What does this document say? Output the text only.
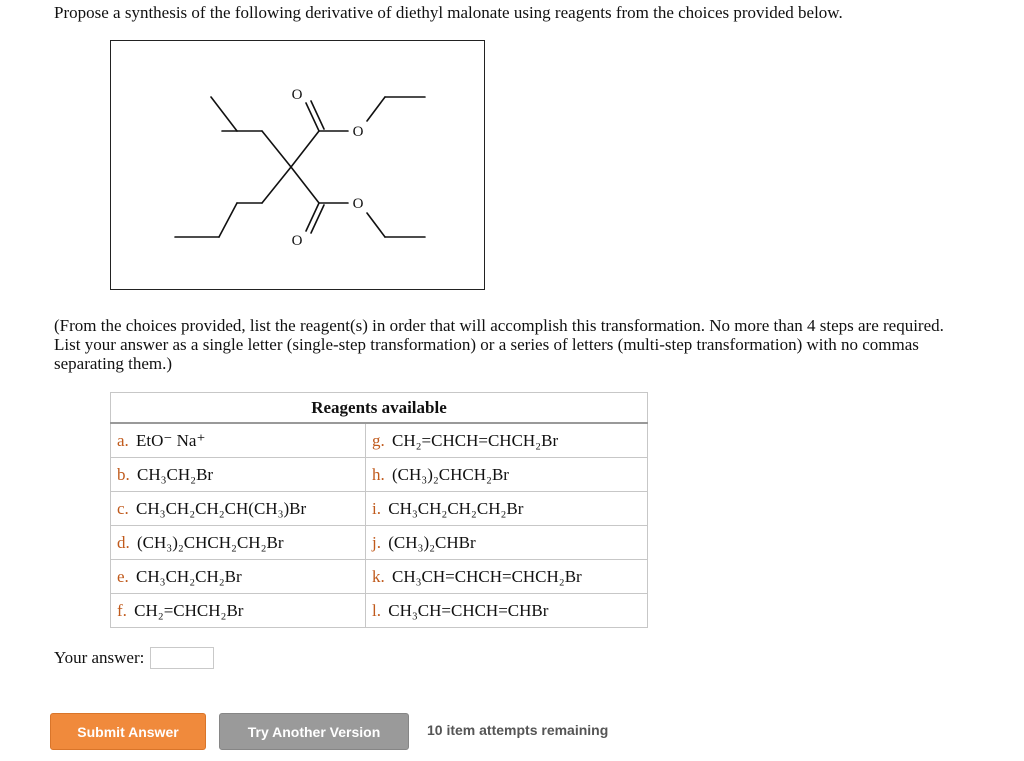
Propose a synthesis of the following derivative of diethyl malonate using reagents from the choices provided below.

O
O
O
O

(From the choices provided, list the reagent(s) in order that will accomplish this transformation. No more than 4 steps are required. List your answer as a single letter (single-step transformation) or a series of letters (multi-step transformation) with no commas separating them.)

Reagents available	
a. EtO⁻ Na⁺	g. CH₂=CHCH=CHCH₂Br
b. CH₃CH₂Br	h. (CH₃)₂CHCH₂Br
c. CH₃CH₂CH₂CH(CH₃)Br	i. CH₃CH₂CH₂CH₂Br
d. (CH₃)₂CHCH₂CH₂Br	j. (CH₃)₂CHBr
e. CH₃CH₂CH₂Br	k. CH₃CH=CHCH=CHCH₂Br
f. CH₂=CHCH₂Br	l. CH₃CH=CHCH=CHBr
Your answer:
Submit Answer	Try Another Version	10 item attempts remaining
